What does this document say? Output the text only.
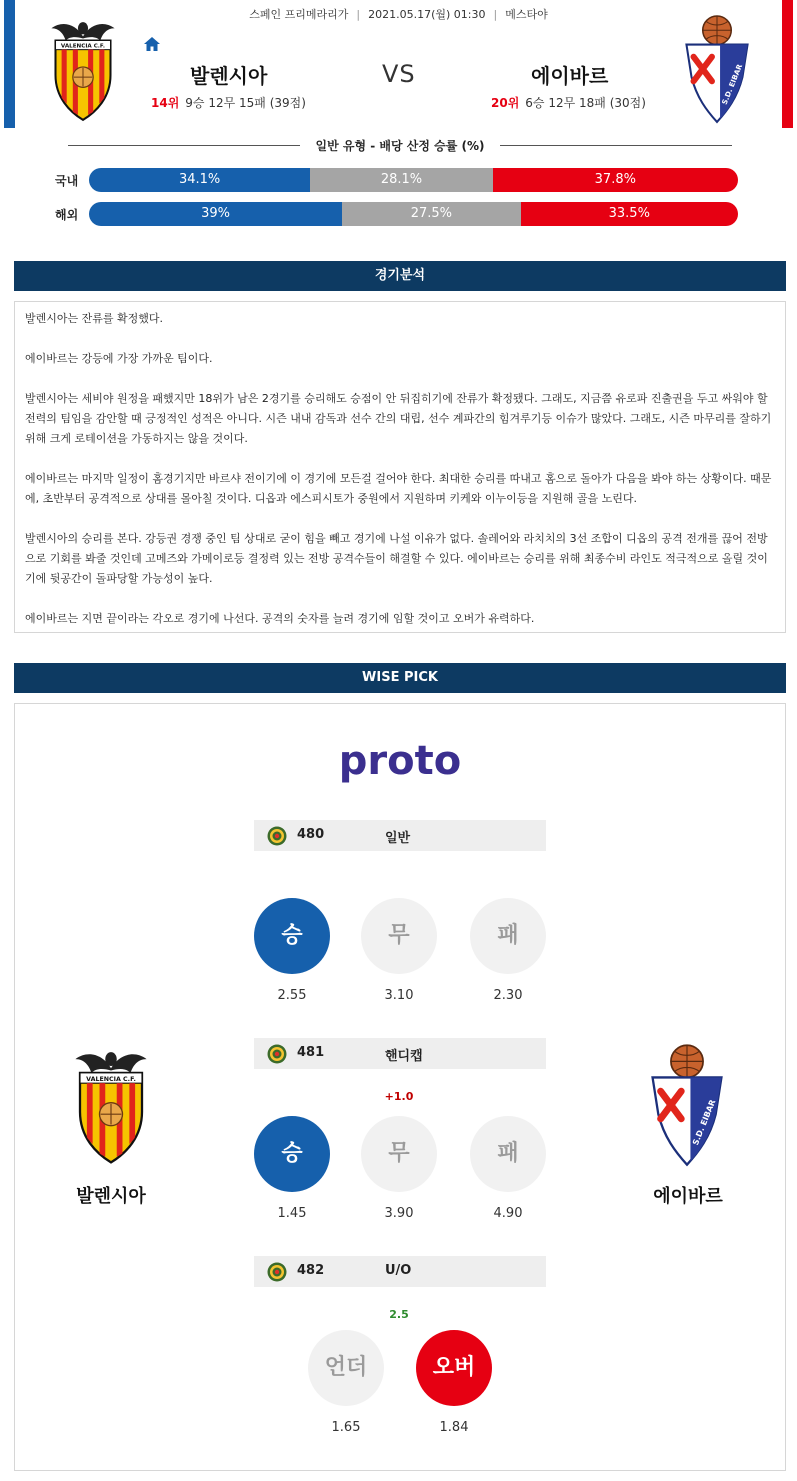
스페인 프리메라리가 | 2021.05.17(월) 01:30 | 메스타야
발렌시아	VS	에이바르
14위 9승 12무 15패 (39점)	20위 6승 12무 18패 (30점)
일반 유형 - 배당 산정 승률 (%)
국내	34.1%	28.1%	37.8%
해외	39%	27.5%	33.5%
경기분석

발렌시아는 잔류를 확정했다.

에이바르는 강등에 가장 가까운 팀이다.

발렌시아는 세비야 원정을 패했지만 18위가 남은 2경기를 승리해도 승점이 안 뒤집히기에 잔류가 확정됐다. 그래도, 지금쯤 유로파 진출권을 두고 싸워야 할 전력의 팀임을 감안할 때 긍정적인 성적은 아니다. 시즌 내내 감독과 선수 간의 대립, 선수 계파간의 힘겨루기등 이슈가 많았다. 그래도, 시즌 마무리를 잘하기 위해 크게 로테이션을 가동하지는 않을 것이다.

에이바르는 마지막 일정이 홈경기지만 바르샤 전이기에 이 경기에 모든걸 걸어야 한다. 최대한 승리를 따내고 홈으로 돌아가 다음을 봐야 하는 상황이다. 때문에, 초반부터 공격적으로 상대를 몰아칠 것이다. 디옵과 에스피시토가 중원에서 지원하며 키케와 이누이등을 지원해 골을 노린다.

발렌시아의 승리를 본다. 강등권 경쟁 중인 팀 상대로 굳이 힘을 빼고 경기에 나설 이유가 없다. 솔레어와 라치치의 3선 조합이 디옵의 공격 전개를 끊어 전방으로 기회를 봐줄 것인데 고메즈와 가메이로등 결정력 있는 전방 공격수들이 해결할 수 있다. 에이바르는 승리를 위해 최종수비 라인도 적극적으로 올릴 것이기에 뒷공간이 돌파당할 가능성이 높다.

에이바르는 지면 끝이라는 각오로 경기에 나선다. 공격의 숫자를 늘려 경기에 임할 것이고 오버가 유력하다.

WISE PICK
proto
480	일반
승
2.55
무
3.10
패
2.30
481	핸디캡
+1.0
승
1.45
무
3.90
패
4.90
482	U/O
2.5
언더
1.65
오버
1.84
발렌시아	에이바르
